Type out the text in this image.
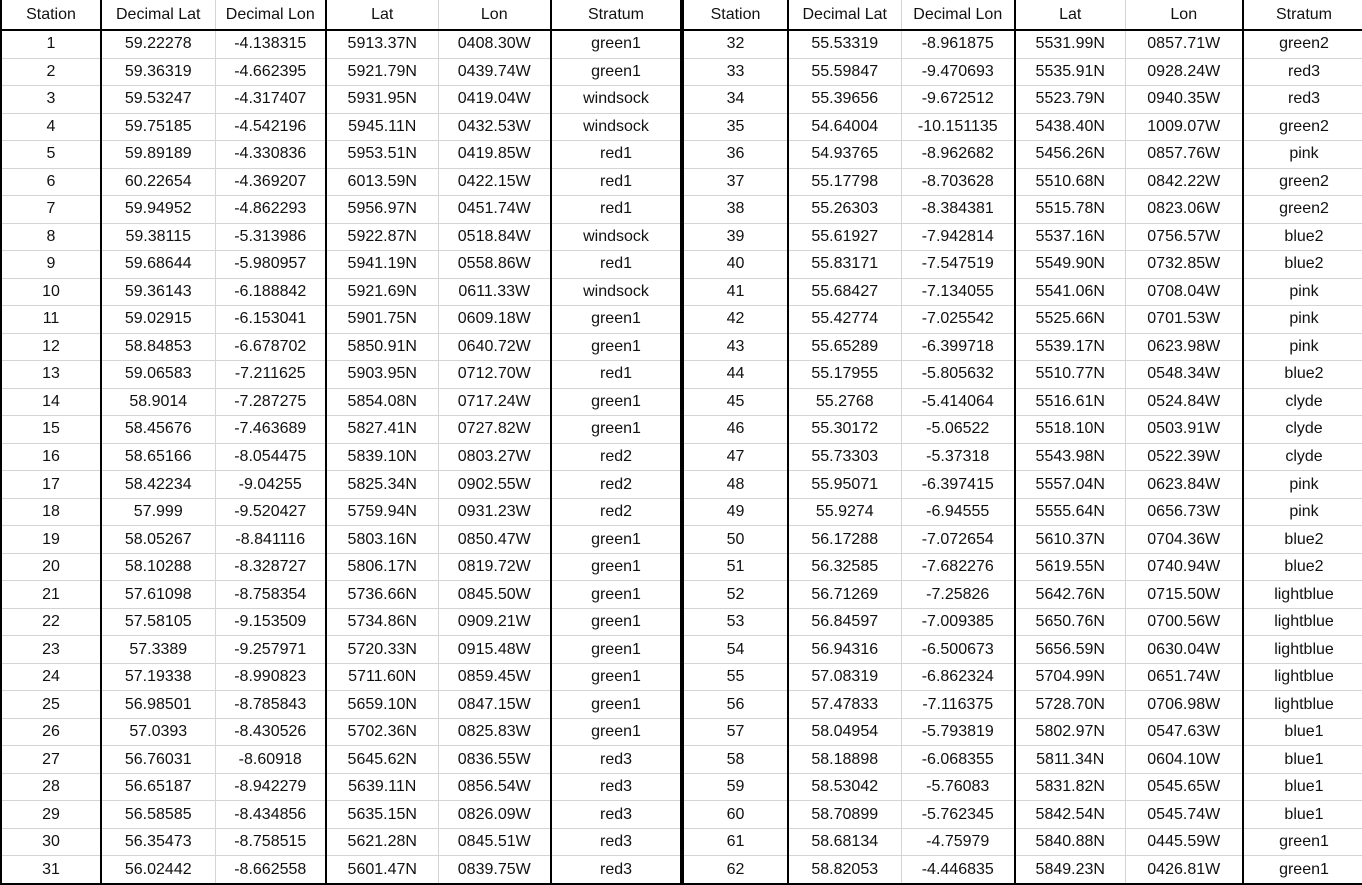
Station	Decimal Lat	Decimal Lon	Lat	Lon	Stratum
1	59.22278	-4.138315	5913.37N	0408.30W	green1
2	59.36319	-4.662395	5921.79N	0439.74W	green1
3	59.53247	-4.317407	5931.95N	0419.04W	windsock
4	59.75185	-4.542196	5945.11N	0432.53W	windsock
5	59.89189	-4.330836	5953.51N	0419.85W	red1
6	60.22654	-4.369207	6013.59N	0422.15W	red1
7	59.94952	-4.862293	5956.97N	0451.74W	red1
8	59.38115	-5.313986	5922.87N	0518.84W	windsock
9	59.68644	-5.980957	5941.19N	0558.86W	red1
10	59.36143	-6.188842	5921.69N	0611.33W	windsock
11	59.02915	-6.153041	5901.75N	0609.18W	green1
12	58.84853	-6.678702	5850.91N	0640.72W	green1
13	59.06583	-7.211625	5903.95N	0712.70W	red1
14	58.9014	-7.287275	5854.08N	0717.24W	green1
15	58.45676	-7.463689	5827.41N	0727.82W	green1
16	58.65166	-8.054475	5839.10N	0803.27W	red2
17	58.42234	-9.04255	5825.34N	0902.55W	red2
18	57.999	-9.520427	5759.94N	0931.23W	red2
19	58.05267	-8.841116	5803.16N	0850.47W	green1
20	58.10288	-8.328727	5806.17N	0819.72W	green1
21	57.61098	-8.758354	5736.66N	0845.50W	green1
22	57.58105	-9.153509	5734.86N	0909.21W	green1
23	57.3389	-9.257971	5720.33N	0915.48W	green1
24	57.19338	-8.990823	5711.60N	0859.45W	green1
25	56.98501	-8.785843	5659.10N	0847.15W	green1
26	57.0393	-8.430526	5702.36N	0825.83W	green1
27	56.76031	-8.60918	5645.62N	0836.55W	red3
28	56.65187	-8.942279	5639.11N	0856.54W	red3
29	56.58585	-8.434856	5635.15N	0826.09W	red3
30	56.35473	-8.758515	5621.28N	0845.51W	red3
31	56.02442	-8.662558	5601.47N	0839.75W	red3
Station	Decimal Lat	Decimal Lon	Lat	Lon	Stratum
32	55.53319	-8.961875	5531.99N	0857.71W	green2
33	55.59847	-9.470693	5535.91N	0928.24W	red3
34	55.39656	-9.672512	5523.79N	0940.35W	red3
35	54.64004	-10.151135	5438.40N	1009.07W	green2
36	54.93765	-8.962682	5456.26N	0857.76W	pink
37	55.17798	-8.703628	5510.68N	0842.22W	green2
38	55.26303	-8.384381	5515.78N	0823.06W	green2
39	55.61927	-7.942814	5537.16N	0756.57W	blue2
40	55.83171	-7.547519	5549.90N	0732.85W	blue2
41	55.68427	-7.134055	5541.06N	0708.04W	pink
42	55.42774	-7.025542	5525.66N	0701.53W	pink
43	55.65289	-6.399718	5539.17N	0623.98W	pink
44	55.17955	-5.805632	5510.77N	0548.34W	blue2
45	55.2768	-5.414064	5516.61N	0524.84W	clyde
46	55.30172	-5.06522	5518.10N	0503.91W	clyde
47	55.73303	-5.37318	5543.98N	0522.39W	clyde
48	55.95071	-6.397415	5557.04N	0623.84W	pink
49	55.9274	-6.94555	5555.64N	0656.73W	pink
50	56.17288	-7.072654	5610.37N	0704.36W	blue2
51	56.32585	-7.682276	5619.55N	0740.94W	blue2
52	56.71269	-7.25826	5642.76N	0715.50W	lightblue
53	56.84597	-7.009385	5650.76N	0700.56W	lightblue
54	56.94316	-6.500673	5656.59N	0630.04W	lightblue
55	57.08319	-6.862324	5704.99N	0651.74W	lightblue
56	57.47833	-7.116375	5728.70N	0706.98W	lightblue
57	58.04954	-5.793819	5802.97N	0547.63W	blue1
58	58.18898	-6.068355	5811.34N	0604.10W	blue1
59	58.53042	-5.76083	5831.82N	0545.65W	blue1
60	58.70899	-5.762345	5842.54N	0545.74W	blue1
61	58.68134	-4.75979	5840.88N	0445.59W	green1
62	58.82053	-4.446835	5849.23N	0426.81W	green1
